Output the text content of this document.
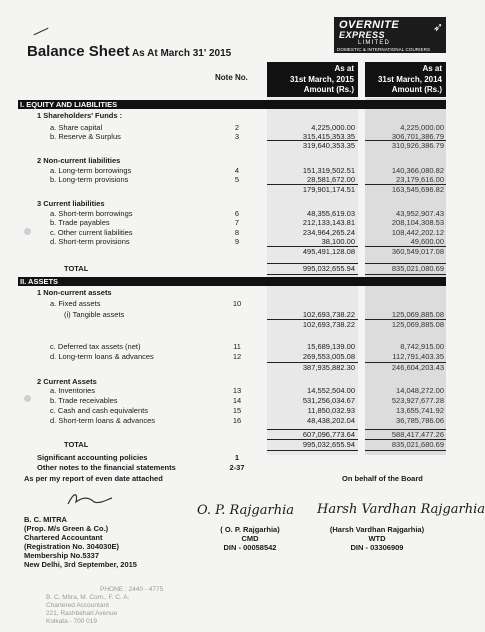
OVERNITE
EXPRESS
LIMITED
DOMESTIC & INTERNATIONAL COURIERS
➶
Balance Sheet As At March 31' 2015
Note No.
As at
31st March, 2015
Amount (Rs.)
As at
31st March, 2014
Amount (Rs.)
I. EQUITY AND LIABILITIES
II. ASSETS
1 Shareholders' Funds :
a. Share capital	2	4,225,000.00	4,225,000.00
b. Reserve & Surplus	3	315,415,353.35	306,701,386.79
319,640,353.35	310,926,386.79
2 Non-current liabilities
a. Long-term borrowings	4	151,319,502.51	140,366,080.82
b. Long-term provisions	5	28,581,672.00	23,179,616.00
179,901,174.51	163,545,696.82
3 Current liabilities
a. Short-term borrowings	6	48,355,619.03	43,952,907.43
b. Trade payables	7	212,133,143.81	208,104,308.53
c. Other current liabilities	8	234,964,265.24	108,442,202.12
d. Short-term provisions	9	38,100.00	49,600.00
495,491,128.08	360,549,017.08
TOTAL	995,032,655.94	835,021,080.69
1 Non-current assets
a. Fixed assets	10
(i) Tangible assets	102,693,738.22	125,069,885.08
102,693,738.22	125,069,885.08
c. Deferred tax assets (net)	11	15,689,139.00	8,742,915.00
d. Long-term loans & advances	12	269,553,005.08	112,791,403.35
387,935,882.30	246,604,203.43
2 Current Assets
a. Inventories	13	14,552,504.00	14,048,272.00
b. Trade receivables	14	531,256,034.67	523,927,677.28
c. Cash and cash equivalents	15	11,850,032.93	13,655,741.92
d. Short-term loans & advances	16	48,438,202.04	36,785,786.06
607,096,773.64	588,417,477.26
TOTAL	995,032,655.94	835,021,680.69
Significant accounting policies	1
Other notes to the financial statements	2-37
As per my report of even date attached	On behalf of the Board
B. C. MITRA
(Prop. M/s Green & Co.)
Chartered Accountant
(Registration No. 304030E)
Membership No.5337
New Delhi, 3rd September, 2015
O. P. Rajgarhia
( O. P. Rajgarhia)
CMD
DIN - 00058542
Harsh Vardhan Rajgarhia
(Harsh Vardhan Rajgarhia)
WTD
DIN - 03306909
PHONE : 2440 - 4775
B. C. Mitra, M. Com., F. C. A.
Chartered Accountant
221, Rashbehari Avenue
Kolkata - 700 019
